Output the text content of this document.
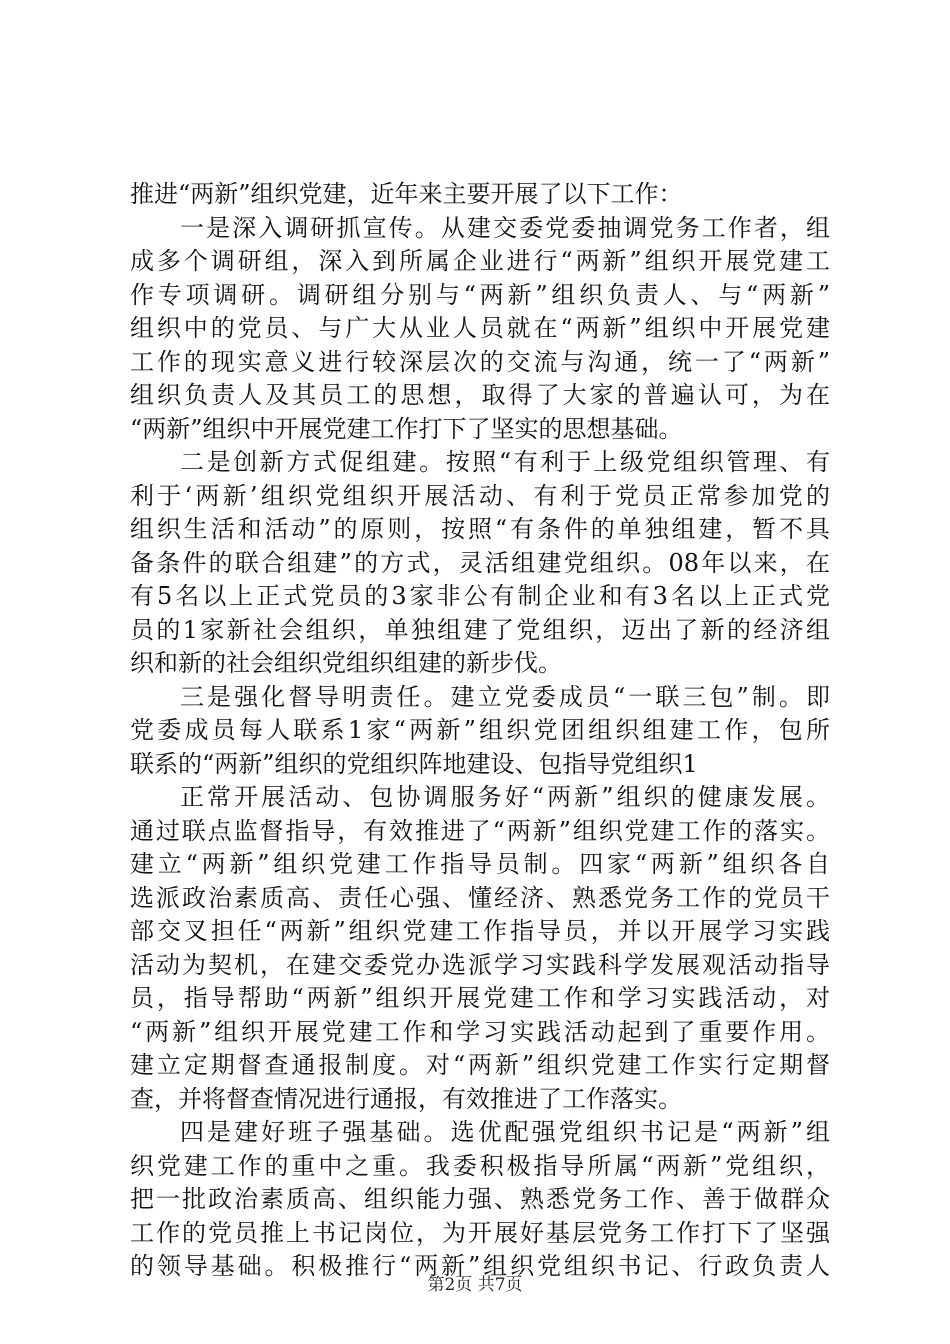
推进“两新”组织党建，近年来主要开展了以下工作：
一是深入调研抓宣传。从建交委党委抽调党务工作者，组
成多个调研组，深入到所属企业进行“两新”组织开展党建工
作专项调研。调研组分别与“两新”组织负责人、与“两新”
组织中的党员、与广大从业人员就在“两新”组织中开展党建
工作的现实意义进行较深层次的交流与沟通，统一了“两新”
组织负责人及其员工的思想，取得了大家的普遍认可，为在
“两新”组织中开展党建工作打下了坚实的思想基础。
二是创新方式促组建。按照“有利于上级党组织管理、有
利于‘两新’组织党组织开展活动、有利于党员正常参加党的
组织生活和活动”的原则，按照“有条件的单独组建，暂不具
备条件的联合组建”的方式，灵活组建党组织。08年以来，在
有5名以上正式党员的3家非公有制企业和有3名以上正式党
员的1家新社会组织，单独组建了党组织，迈出了新的经济组
织和新的社会组织党组织组建的新步伐。
三是强化督导明责任。建立党委成员“一联三包”制。即
党委成员每人联系1家“两新”组织党团组织组建工作，包所
联系的“两新”组织的党组织阵地建设、包指导党组织1
正常开展活动、包协调服务好“两新”组织的健康发展。
通过联点监督指导，有效推进了“两新”组织党建工作的落实。
建立“两新”组织党建工作指导员制。四家“两新”组织各自
选派政治素质高、责任心强、懂经济、熟悉党务工作的党员干
部交叉担任“两新”组织党建工作指导员，并以开展学习实践
活动为契机，在建交委党办选派学习实践科学发展观活动指导
员，指导帮助“两新”组织开展党建工作和学习实践活动，对
“两新”组织开展党建工作和学习实践活动起到了重要作用。
建立定期督查通报制度。对“两新”组织党建工作实行定期督
查，并将督查情况进行通报，有效推进了工作落实。
四是建好班子强基础。选优配强党组织书记是“两新”组
织党建工作的重中之重。我委积极指导所属“两新”党组织，
把一批政治素质高、组织能力强、熟悉党务工作、善于做群众
工作的党员推上书记岗位，为开展好基层党务工作打下了坚强
的领导基础。积极推行“两新”组织党组织书记、行政负责人
第2页 共7页
